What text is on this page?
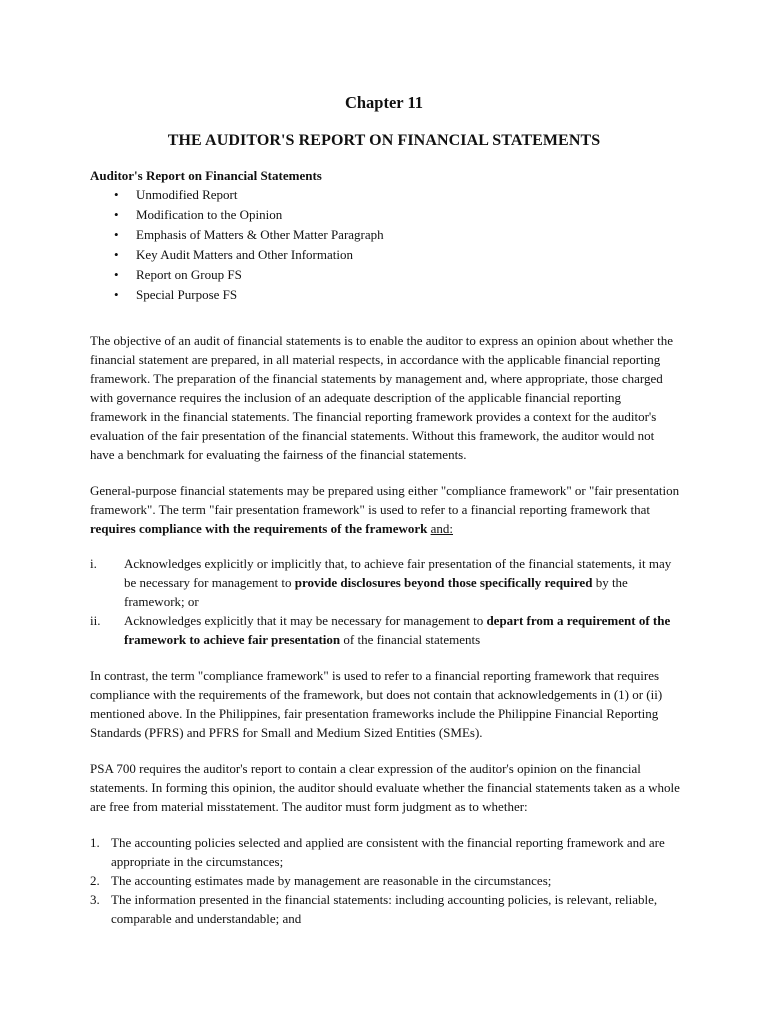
Chapter 11
THE AUDITOR'S REPORT ON FINANCIAL STATEMENTS

Auditor's Report on Financial Statements

• Unmodified Report
• Modification to the Opinion
• Emphasis of Matters & Other Matter Paragraph
• Key Audit Matters and Other Information
• Report on Group FS
• Special Purpose FS

The objective of an audit of financial statements is to enable the auditor to express an opinion about whether the financial statement are prepared, in all material respects, in accordance with the applicable financial reporting framework. The preparation of the financial statements by management and, where appropriate, those charged with governance requires the inclusion of an adequate description of the applicable financial reporting framework in the financial statements. The financial reporting framework provides a context for the auditor's evaluation of the fair presentation of the financial statements. Without this framework, the auditor would not have a benchmark for evaluating the fairness of the financial statements.

General-purpose financial statements may be prepared using either "compliance framework" or "fair presentation framework". The term "fair presentation framework" is used to refer to a financial reporting framework that requires compliance with the requirements of the framework and:

i. Acknowledges explicitly or implicitly that, to achieve fair presentation of the financial statements, it may be necessary for management to provide disclosures beyond those specifically required by the framework; or
ii. Acknowledges explicitly that it may be necessary for management to depart from a requirement of the framework to achieve fair presentation of the financial statements

In contrast, the term "compliance framework" is used to refer to a financial reporting framework that requires compliance with the requirements of the framework, but does not contain that acknowledgements in (1) or (ii) mentioned above. In the Philippines, fair presentation frameworks include the Philippine Financial Reporting Standards (PFRS) and PFRS for Small and Medium Sized Entities (SMEs).

PSA 700 requires the auditor's report to contain a clear expression of the auditor's opinion on the financial statements. In forming this opinion, the auditor should evaluate whether the financial statements taken as a whole are free from material misstatement. The auditor must form judgment as to whether:

1. The accounting policies selected and applied are consistent with the financial reporting framework and are appropriate in the circumstances;
2. The accounting estimates made by management are reasonable in the circumstances;
3. The information presented in the financial statements: including accounting policies, is relevant, reliable, comparable and understandable; and
